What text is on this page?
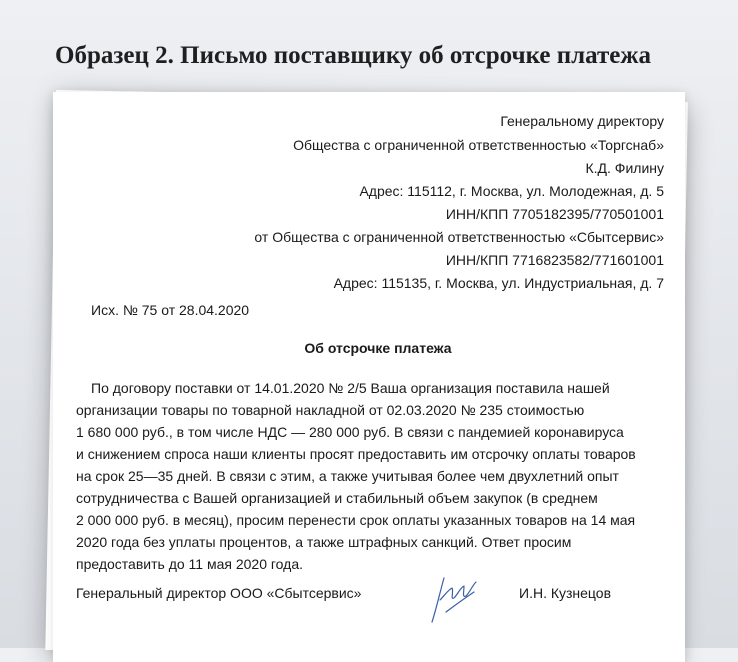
Образец 2. Письмо поставщику об отсрочке платежа
Генеральному директору
Общества с ограниченной ответственностью «Торгснаб»
К.Д. Филину
Адрес: 115112, г. Москва, ул. Молодежная, д. 5
ИНН/КПП 7705182395/770501001
от Общества с ограниченной ответственностью «Сбытсервис»
ИНН/КПП 7716823582/771601001
Адрес: 115135, г. Москва, ул. Индустриальная, д. 7
Исх. № 75 от 28.04.2020
Об отсрочке платежа
По договору поставки от 14.01.2020 № 2/5 Ваша организация поставила нашей
организации товары по товарной накладной от 02.03.2020 № 235 стоимостью
1 680 000 руб., в том числе НДС — 280 000 руб. В связи с пандемией коронавируса
и снижением спроса наши клиенты просят предоставить им отсрочку оплаты товаров
на срок 25—35 дней. В связи с этим, а также учитывая более чем двухлетний опыт
сотрудничества с Вашей организацией и стабильный объем закупок (в среднем
2 000 000 руб. в месяц), просим перенести срок оплаты указанных товаров на 14 мая
2020 года без уплаты процентов, а также штрафных санкций. Ответ просим
предоставить до 11 мая 2020 года.
Генеральный директор ООО «Сбытсервис»	И.Н. Кузнецов
